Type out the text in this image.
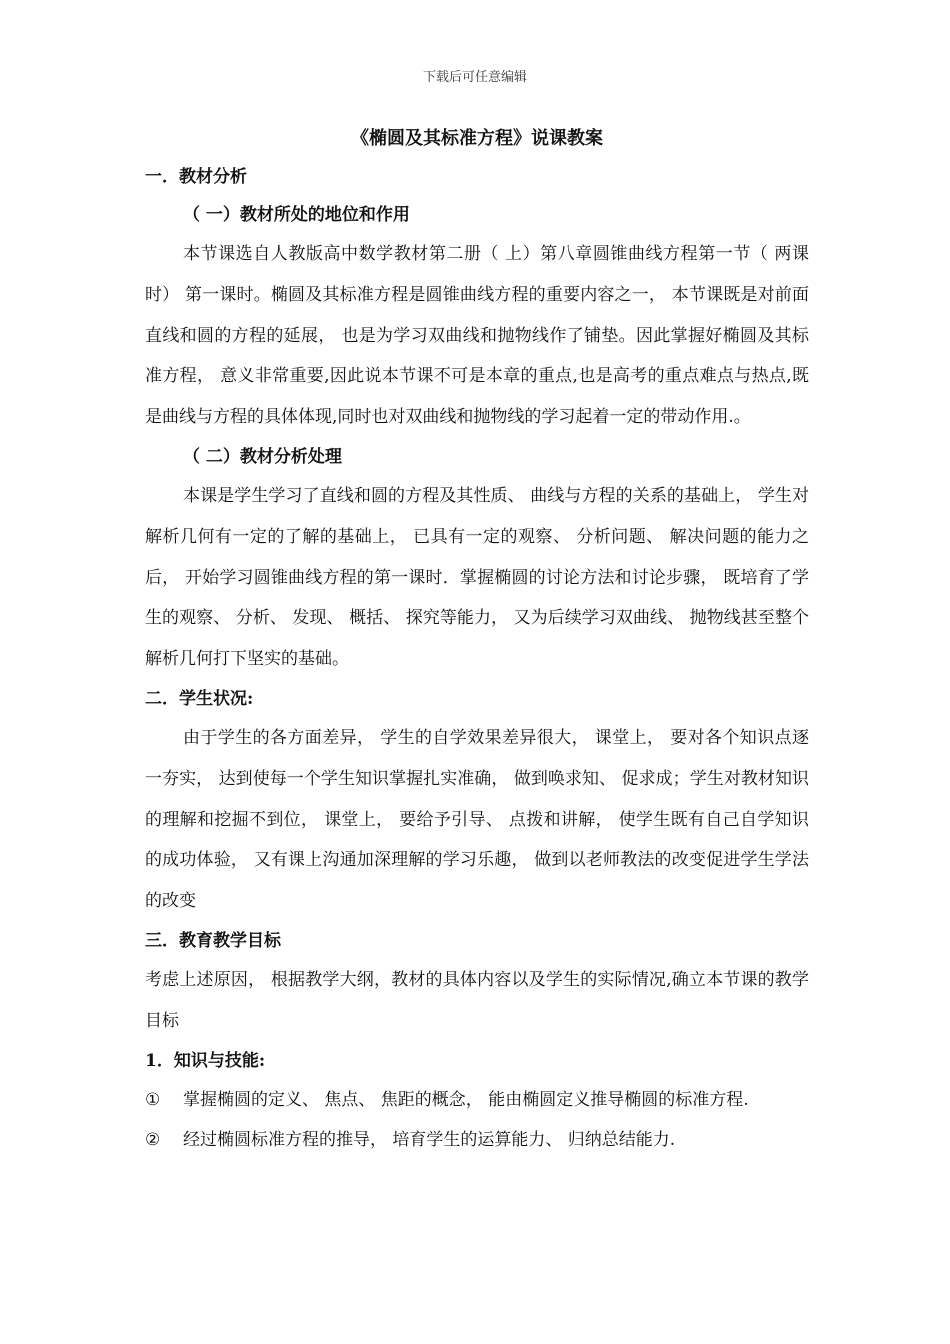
下载后可任意编辑
《椭圆及其标准方程》说课教案
一．教材分析
（ 一）教材所处的地位和作用

本节课选自人教版高中数学教材第二册（ 上）第八章圆锥曲线方程第一节（ 两课时） 第一课时。椭圆及其标准方程是圆锥曲线方程的重要内容之一， 本节课既是对前面直线和圆的方程的延展， 也是为学习双曲线和抛物线作了铺垫。因此掌握好椭圆及其标准方程， 意义非常重要,因此说本节课不可是本章的重点,也是高考的重点难点与热点,既是曲线与方程的具体体现,同时也对双曲线和抛物线的学习起着一定的带动作用.。

（ 二）教材分析处理

本课是学生学习了直线和圆的方程及其性质、 曲线与方程的关系的基础上， 学生对解析几何有一定的了解的基础上， 已具有一定的观察、 分析问题、 解决问题的能力之后， 开始学习圆锥曲线方程的第一课时．掌握椭圆的讨论方法和讨论步骤， 既培育了学生的观察、 分析、 发现、 概括、 探究等能力， 又为后续学习双曲线、 抛物线甚至整个解析几何打下坚实的基础。

二．学生状况:

由于学生的各方面差异， 学生的自学效果差异很大， 课堂上， 要对各个知识点逐一夯实， 达到使每一个学生知识掌握扎实准确， 做到唤求知、 促求成；学生对教材知识的理解和挖掘不到位， 课堂上， 要给予引导、 点拨和讲解， 使学生既有自己自学知识的成功体验， 又有课上沟通加深理解的学习乐趣， 做到以老师教法的改变促进学生学法的改变

三．教育教学目标

考虑上述原因， 根据教学大纲，教材的具体内容以及学生的实际情况,确立本节课的教学目标

1．知识与技能:
① 掌握椭圆的定义、 焦点、 焦距的概念， 能由椭圆定义推导椭圆的标准方程.
② 经过椭圆标准方程的推导， 培育学生的运算能力、 归纳总结能力.
